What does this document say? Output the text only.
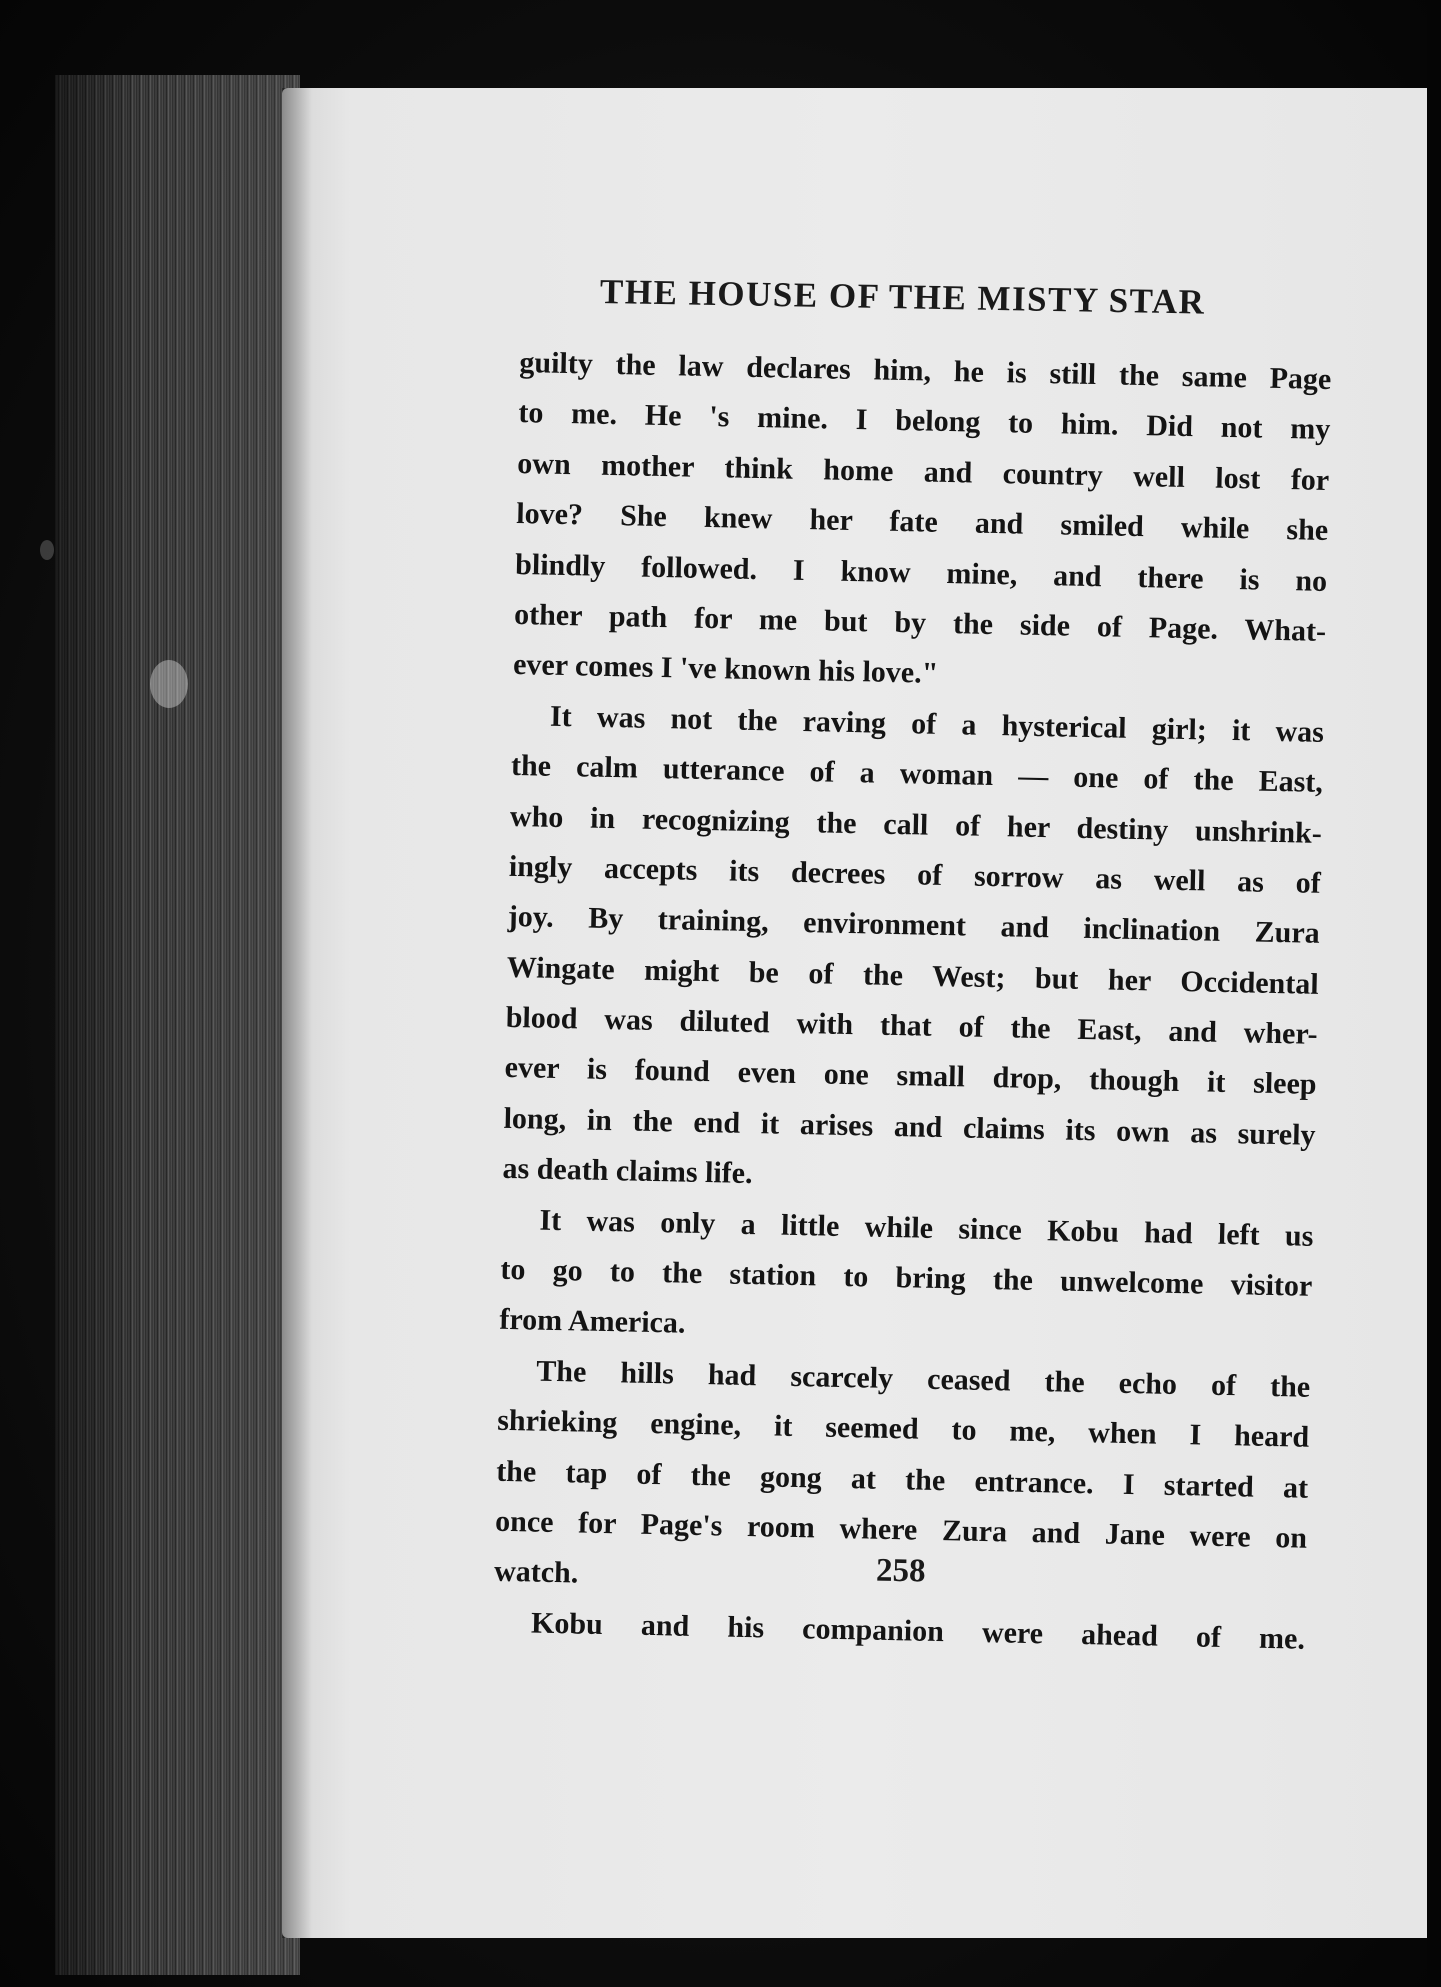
THE HOUSE OF THE MISTY STAR
guilty the law declares him, he is still the same Page
to me. He 's mine. I belong to him. Did not my
own mother think home and country well lost for
love? She knew her fate and smiled while she
blindly followed. I know mine, and there is no
other path for me but by the side of Page. What-
ever comes I 've known his love."
It was not the raving of a hysterical girl; it was
the calm utterance of a woman — one of the East,
who in recognizing the call of her destiny unshrink-
ingly accepts its decrees of sorrow as well as of
joy. By training, environment and inclination Zura
Wingate might be of the West; but her Occidental
blood was diluted with that of the East, and wher-
ever is found even one small drop, though it sleep
long, in the end it arises and claims its own as surely
as death claims life.
It was only a little while since Kobu had left us
to go to the station to bring the unwelcome visitor
from America.
The hills had scarcely ceased the echo of the
shrieking engine, it seemed to me, when I heard
the tap of the gong at the entrance. I started at
once for Page's room where Zura and Jane were on
watch.
Kobu and his companion were ahead of me.
258
